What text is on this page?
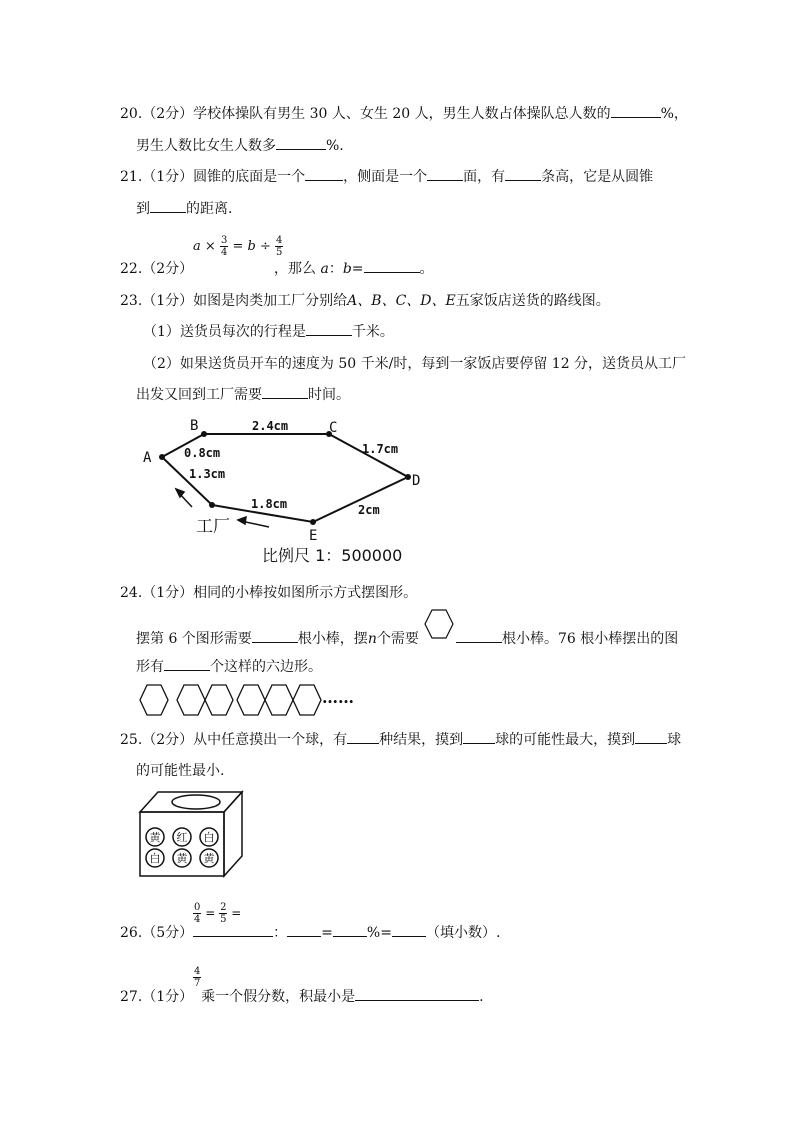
20.（2分）学校体操队有男生 30 人、女生 20 人，男生人数占体操队总人数的	%，
男生人数比女生人数多	%.
21.（1分）圆锥的底面是一个	，侧面是一个	面，有	条高，它是从圆锥
到	的距离.
22.（2分）
$a \times \frac{3}{4} = b \div \frac{4}{5}$
，那么 a：b=	。
23.（1分）如图是肉类加工厂分别给A、B、C、D、E五家饭店送货的路线图。
（1）送货员每次的行程是	千米。
（2）如果送货员开车的速度为 50 千米/时，每到一家饭店要停留 12 分，送货员从工厂
出发又回到工厂需要	时间。
A
B	C
D
E
2.4cm
0.8cm	1.7cm
1.3cm
1.8cm	2cm
工厂
比例尺 1：500000
24.（1分）相同的小棒按如图所示方式摆图形。
摆第 6 个图形需要	根小棒，摆n个需要	根小棒。76 根小棒摆出的图
形有	个这样的六边形。
……
25.（2分）从中任意摸出一个球，有 种结果，摸到 球的可能性最大，摸到 球
的可能性最小.
黄 红 白
白 黄 黄
$\frac{0}{4} = \frac{2}{5}$ =
26.（5分）	： = %= （填小数）.
$\frac{4}{7}$
27.（1分） 乘一个假分数，积最小是	.
